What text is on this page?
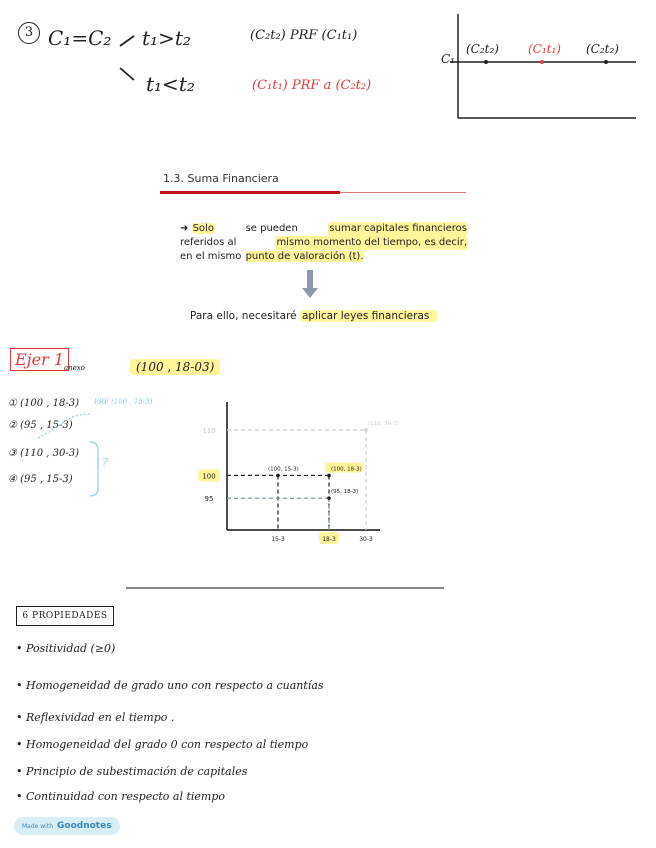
3 C₁=C₂ t₁>t₂
t₁<t₂
(C₂t₂) PRF (C₁t₁)
(C₁t₁) PRF a (C₂t₂)
C₁
(C₂t₂) (C₁t₁) (C₂t₂)
1.3. Suma Financiera
➜ Solo	se pueden	sumar capitales financieros
referidos al	mismo momento del tiempo, es decir,
en el mismo punto de valoración (t).
Para ello, necesitaré aplicar leyes financieras
Ejer 1 anexo	(100 , 18-03)
① (100 , 18-3) PRF (100 , 18-3)
② (95 , 15-3)
③ (110 , 30-3)
④ (95 , 15-3)
?
95
100
110
15-3	18-3	30-3
(100, 15-3)	(100, 18-3)
(95, 18-3)
(110, 30-3)
6 PROPIEDADES
• Positividad (≥0)
• Homogeneidad de grado uno con respecto a cuantías
• Reflexividad en el tiempo .
• Homogeneidad del grado 0 con respecto al tiempo
• Principio de subestimación de capitales
• Continuidad con respecto al tiempo
Made with Goodnotes
